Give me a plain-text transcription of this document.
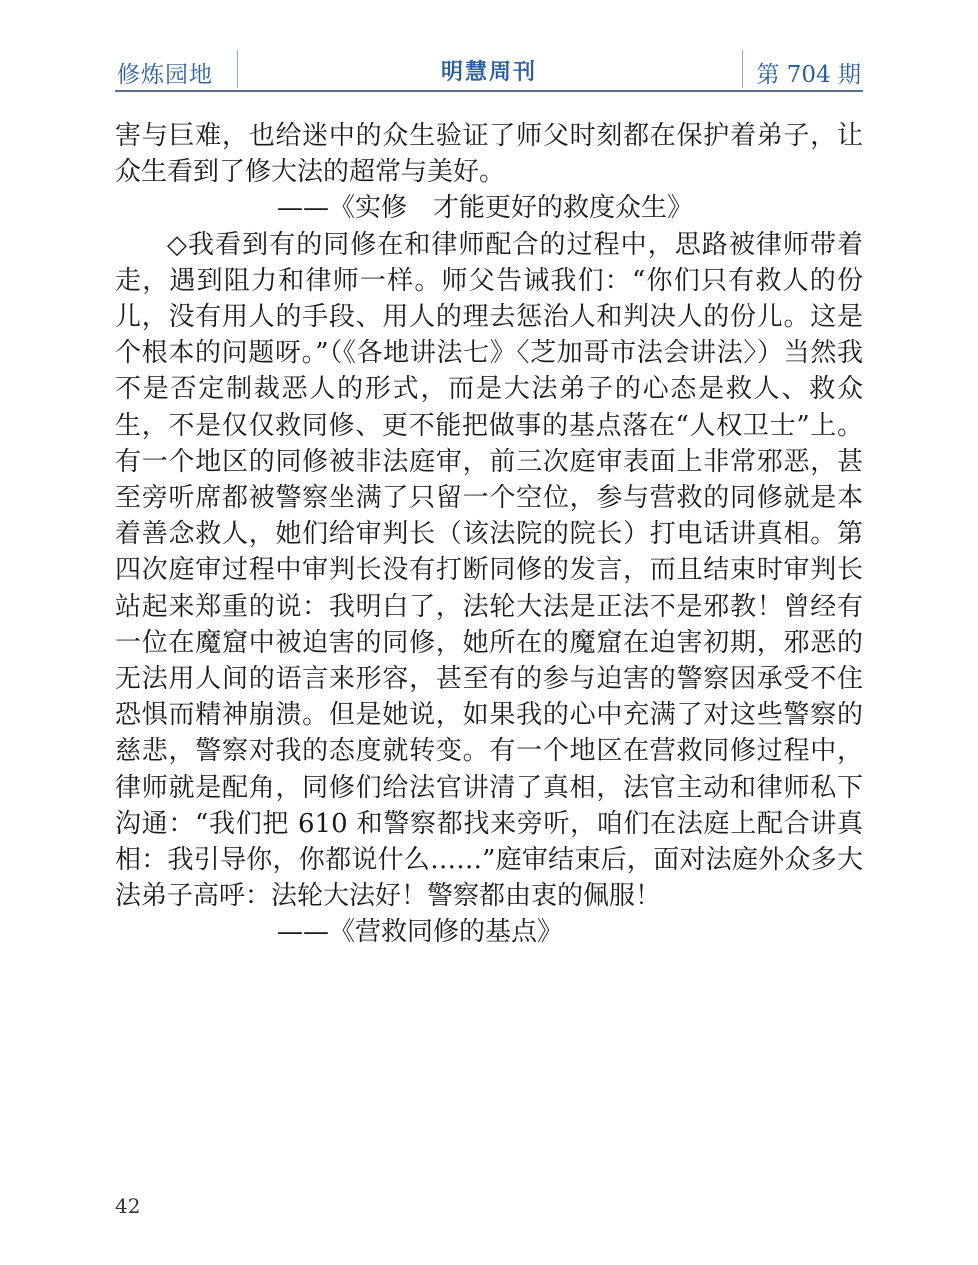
修炼园地	明慧周刊	第 704 期

害与巨难，也给迷中的众生验证了师父时刻都在保护着弟子，让众生看到了修大法的超常与美好。

——《实修　才能更好的救度众生》

◇我看到有的同修在和律师配合的过程中，思路被律师带着走，遇到阻力和律师一样。师父告诫我们：“你们只有救人的份儿，没有用人的手段、用人的理去惩治人和判决人的份儿。这是个根本的问题呀。”（《各地讲法七》〈芝加哥市法会讲法〉）当然我不是否定制裁恶人的形式，而是大法弟子的心态是救人、救众生，不是仅仅救同修、更不能把做事的基点落在“人权卫士”上。有一个地区的同修被非法庭审，前三次庭审表面上非常邪恶，甚至旁听席都被警察坐满了只留一个空位，参与营救的同修就是本着善念救人，她们给审判长（该法院的院长）打电话讲真相。第四次庭审过程中审判长没有打断同修的发言，而且结束时审判长站起来郑重的说：我明白了，法轮大法是正法不是邪教！曾经有一位在魔窟中被迫害的同修，她所在的魔窟在迫害初期，邪恶的无法用人间的语言来形容，甚至有的参与迫害的警察因承受不住恐惧而精神崩溃。但是她说，如果我的心中充满了对这些警察的慈悲，警察对我的态度就转变。有一个地区在营救同修过程中，律师就是配角，同修们给法官讲清了真相，法官主动和律师私下沟通：“我们把 610 和警察都找来旁听，咱们在法庭上配合讲真相：我引导你，你都说什么……”庭审结束后，面对法庭外众多大法弟子高呼：法轮大法好！警察都由衷的佩服！

——《营救同修的基点》

42
